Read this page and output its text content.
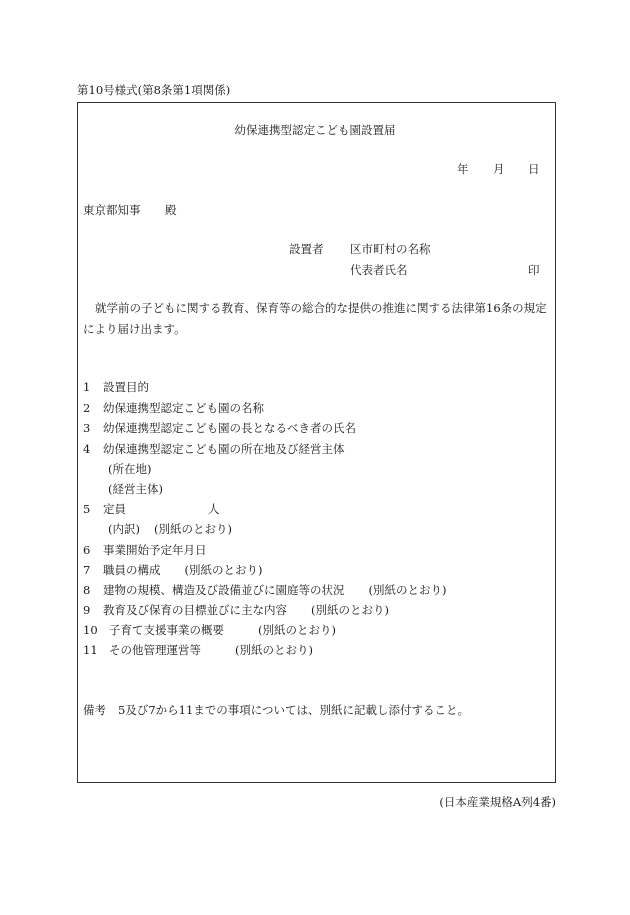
第10号様式(第8条第1項関係)
幼保連携型認定こども園設置届
年 月 日
東京都知事 殿
設置者 区市町村の名称
代表者氏名	印
就学前の子どもに関する教育、保育等の総合的な提供の推進に関する法律第16条の規定
により届け出ます。
1 設置目的
2 幼保連携型認定こども園の名称
3 幼保連携型認定こども園の長となるべき者の氏名
4 幼保連携型認定こども園の所在地及び経営主体
(所在地)
(経営主体)
5 定員	人
(内訳) (別紙のとおり)
6 事業開始予定年月日
7 職員の構成 (別紙のとおり)
8 建物の規模、構造及び設備並びに園庭等の状況 (別紙のとおり)
9 教育及び保育の目標並びに主な内容 (別紙のとおり)
10 子育て支援事業の概要	(別紙のとおり)
11 その他管理運営等	(別紙のとおり)
備考 5及び7から11までの事項については、別紙に記載し添付すること。
(日本産業規格A列4番)
